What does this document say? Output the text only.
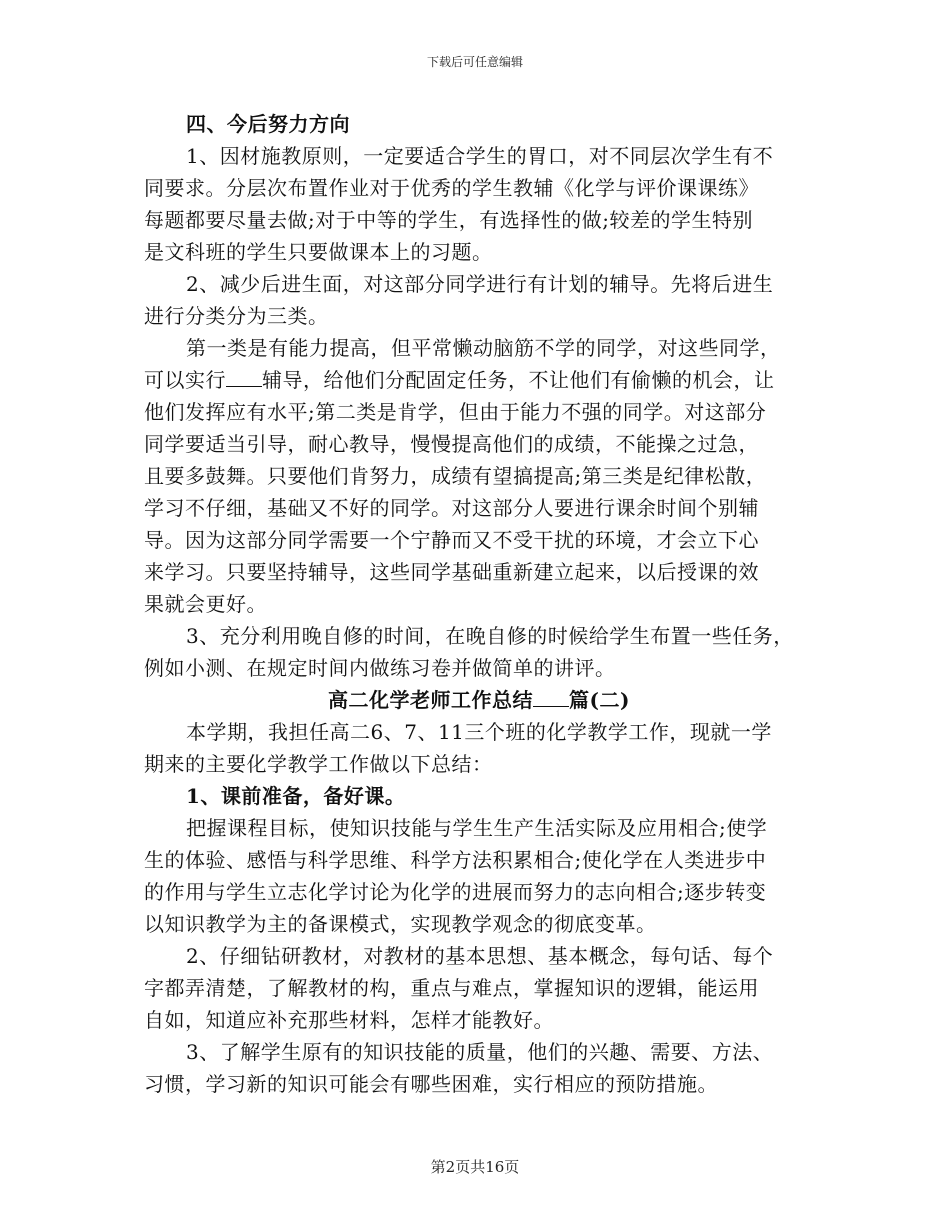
下载后可任意编辑
四、今后努力方向
1、因材施教原则，一定要适合学生的胃口，对不同层次学生有不
同要求。分层次布置作业对于优秀的学生教辅《化学与评价课课练》
每题都要尽量去做;对于中等的学生，有选择性的做;较差的学生特别
是文科班的学生只要做课本上的习题。
2、减少后进生面，对这部分同学进行有计划的辅导。先将后进生
进行分类分为三类。
第一类是有能力提高，但平常懒动脑筋不学的同学，对这些同学，
可以实行 辅导，给他们分配固定任务，不让他们有偷懒的机会，让
他们发挥应有水平;第二类是肯学，但由于能力不强的同学。对这部分
同学要适当引导，耐心教导，慢慢提高他们的成绩，不能操之过急，
且要多鼓舞。只要他们肯努力，成绩有望搞提高;第三类是纪律松散，
学习不仔细，基础又不好的同学。对这部分人要进行课余时间个别辅
导。因为这部分同学需要一个宁静而又不受干扰的环境，才会立下心
来学习。只要坚持辅导，这些同学基础重新建立起来，以后授课的效
果就会更好。
3、充分利用晚自修的时间，在晚自修的时候给学生布置一些任务，
例如小测、在规定时间内做练习卷并做简单的讲评。
高二化学老师工作总结 篇(二)
本学期，我担任高二6、7、11三个班的化学教学工作，现就一学
期来的主要化学教学工作做以下总结：
1、课前准备，备好课。
把握课程目标，使知识技能与学生生产生活实际及应用相合;使学
生的体验、感悟与科学思维、科学方法积累相合;使化学在人类进步中
的作用与学生立志化学讨论为化学的进展而努力的志向相合;逐步转变
以知识教学为主的备课模式，实现教学观念的彻底变革。
2、仔细钻研教材，对教材的基本思想、基本概念，每句话、每个
字都弄清楚，了解教材的构，重点与难点，掌握知识的逻辑，能运用
自如，知道应补充那些材料，怎样才能教好。
3、了解学生原有的知识技能的质量，他们的兴趣、需要、方法、
习惯，学习新的知识可能会有哪些困难，实行相应的预防措施。
第2页共16页
